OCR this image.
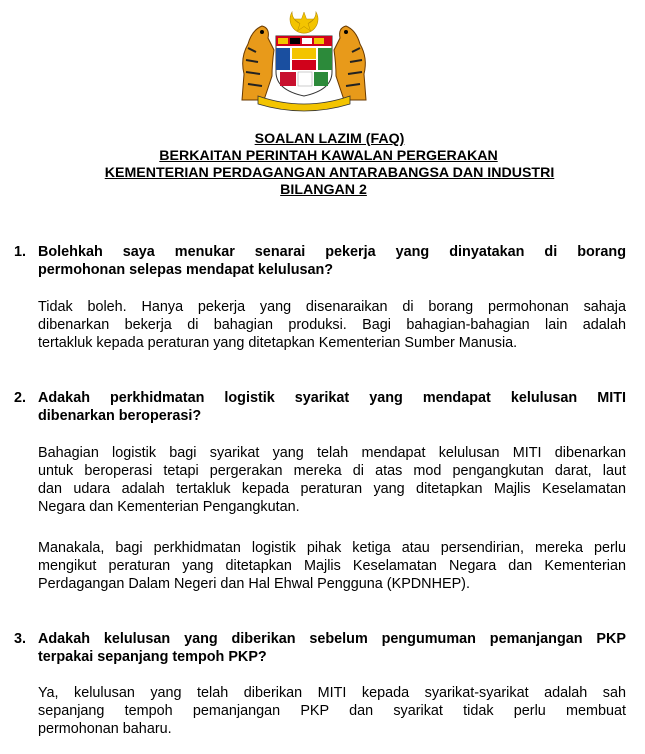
SOALAN LAZIM (FAQ)
BERKAITAN PERINTAH KAWALAN PERGERAKAN
KEMENTERIAN PERDAGANGAN ANTARABANGSA DAN INDUSTRI
BILANGAN 2
1. Bolehkah saya menukar senarai pekerja yang dinyatakan di borang
permohonan selepas mendapat kelulusan?
Tidak boleh. Hanya pekerja yang disenaraikan di borang permohonan sahaja
dibenarkan bekerja di bahagian produksi. Bagi bahagian-bahagian lain adalah
tertakluk kepada peraturan yang ditetapkan Kementerian Sumber Manusia.
2. Adakah perkhidmatan logistik syarikat yang mendapat kelulusan MITI
dibenarkan beroperasi?
Bahagian logistik bagi syarikat yang telah mendapat kelulusan MITI dibenarkan
untuk beroperasi tetapi pergerakan mereka di atas mod pengangkutan darat, laut
dan udara adalah tertakluk kepada peraturan yang ditetapkan Majlis Keselamatan
Negara dan Kementerian Pengangkutan.
Manakala, bagi perkhidmatan logistik pihak ketiga atau persendirian, mereka perlu
mengikut peraturan yang ditetapkan Majlis Keselamatan Negara dan Kementerian
Perdagangan Dalam Negeri dan Hal Ehwal Pengguna (KPDNHEP).
3. Adakah kelulusan yang diberikan sebelum pengumuman pemanjangan PKP
terpakai sepanjang tempoh PKP?
Ya, kelulusan yang telah diberikan MITI kepada syarikat-syarikat adalah sah
sepanjang tempoh pemanjangan PKP dan syarikat tidak perlu membuat
permohonan baharu.
